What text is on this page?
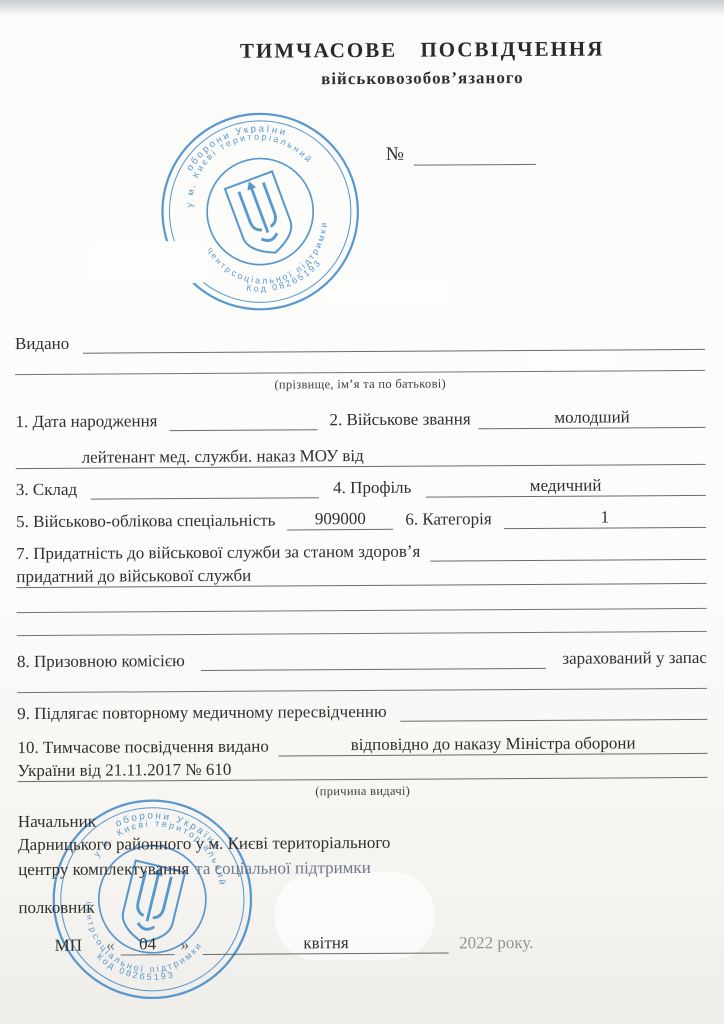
ТИМЧАСОВЕ ПОСВІДЧЕННЯ
військовозобов’язаного
№
Видано
(прізвище, ім’я та по батькові)
1. Дата народження	2. Військове звання	молодший
лейтенант мед. служби. наказ МОУ від
3. Склад	4. Профіль	медичний
5. Військово-облікова спеціальність	909000	6. Категорія	1
7. Придатність до військової служби за станом здоров’я
придатний до військової служби
8. Призовною комісією	зарахований у запас
9. Підлягає повторному медичному пересвідченню
10. Тимчасове посвідчення видано	відповідно до наказу Міністра оборони
України від 21.11.2017 № 610
(причина видачі)
Начальник
Дарницького районного у м. Києві територіального
центру комплектування та соціальної підтримки
полковник
МП «	04	»	квітня	2022 року.
